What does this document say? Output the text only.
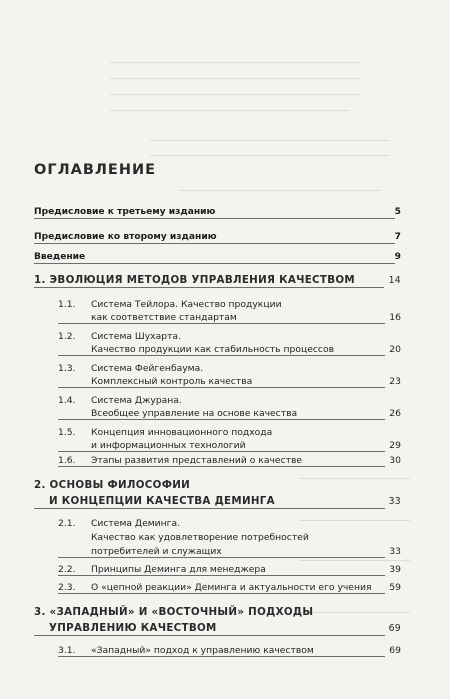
ОГЛАВЛЕНИЕ
Предисловие к третьему изданию	5
Предисловие ко второму изданию	7
Введение	9
1. ЭВОЛЮЦИЯ МЕТОДОВ УПРАВЛЕНИЯ КАЧЕСТВОМ	14
1.1. Система Тейлора. Качество продукции
как соответствие стандартам	16
1.2. Система Шухарта.
Качество продукции как стабильность процессов	20
1.3. Система Фейгенбаума.
Комплексный контроль качества	23
1.4. Система Джурана.
Всеобщее управление на основе качества	26
1.5. Концепция инновационного подхода
и информационных технологий	29
1.6. Этапы развития представлений о качестве	30
2. ОСНОВЫ ФИЛОСОФИИ
И КОНЦЕПЦИИ КАЧЕСТВА ДЕМИНГА	33
2.1. Система Деминга.
Качество как удовлетворение потребностей
потребителей и служащих	33
2.2. Принципы Деминга для менеджера	39
2.3. О «цепной реакции» Деминга и актуальности его учения 59
3. «ЗАПАДНЫЙ» И «ВОСТОЧНЫЙ» ПОДХОДЫ
УПРАВЛЕНИЮ КАЧЕСТВОМ	69
3.1. «Западный» подход к управлению качеством	69
